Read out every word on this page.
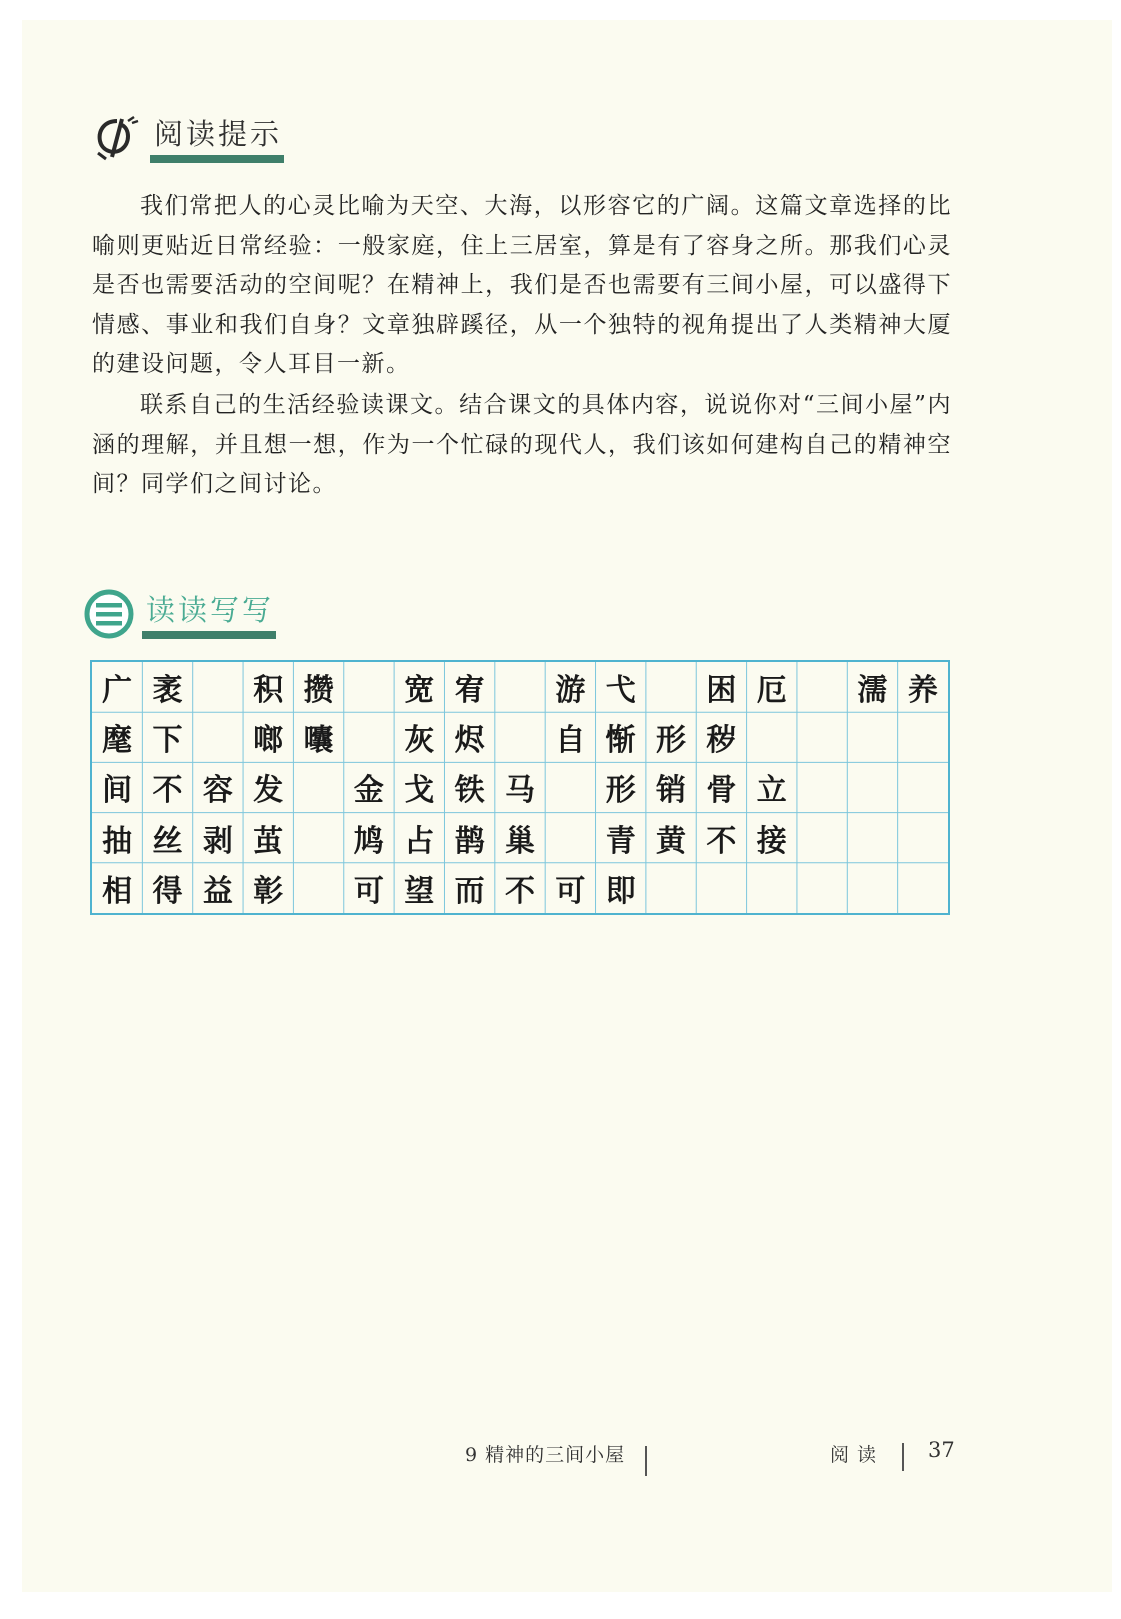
阅读提示

我们常把人的心灵比喻为天空、大海，以形容它的广阔。这篇文章选择的比喻则更贴近日常经验：一般家庭，住上三居室，算是有了容身之所。那我们心灵是否也需要活动的空间呢？在精神上，我们是否也需要有三间小屋，可以盛得下情感、事业和我们自身？文章独辟蹊径，从一个独特的视角提出了人类精神大厦的建设问题，令人耳目一新。

联系自己的生活经验读课文。结合课文的具体内容，说说你对“三间小屋”内涵的理解，并且想一想，作为一个忙碌的现代人，我们该如何建构自己的精神空间？同学们之间讨论。

读读写写
广 袤	积 攒	宽 宥	游 弋	困 厄	濡 养
麾 下	啷 囔	灰 烬	自 惭 形 秽
间 不 容 发	金 戈 铁 马	形 销 骨 立
抽 丝 剥 茧	鸠 占 鹊 巢	青 黄 不 接
相 得 益 彰	可 望 而 不 可 即
9 精神的三间小屋	阅读 37
